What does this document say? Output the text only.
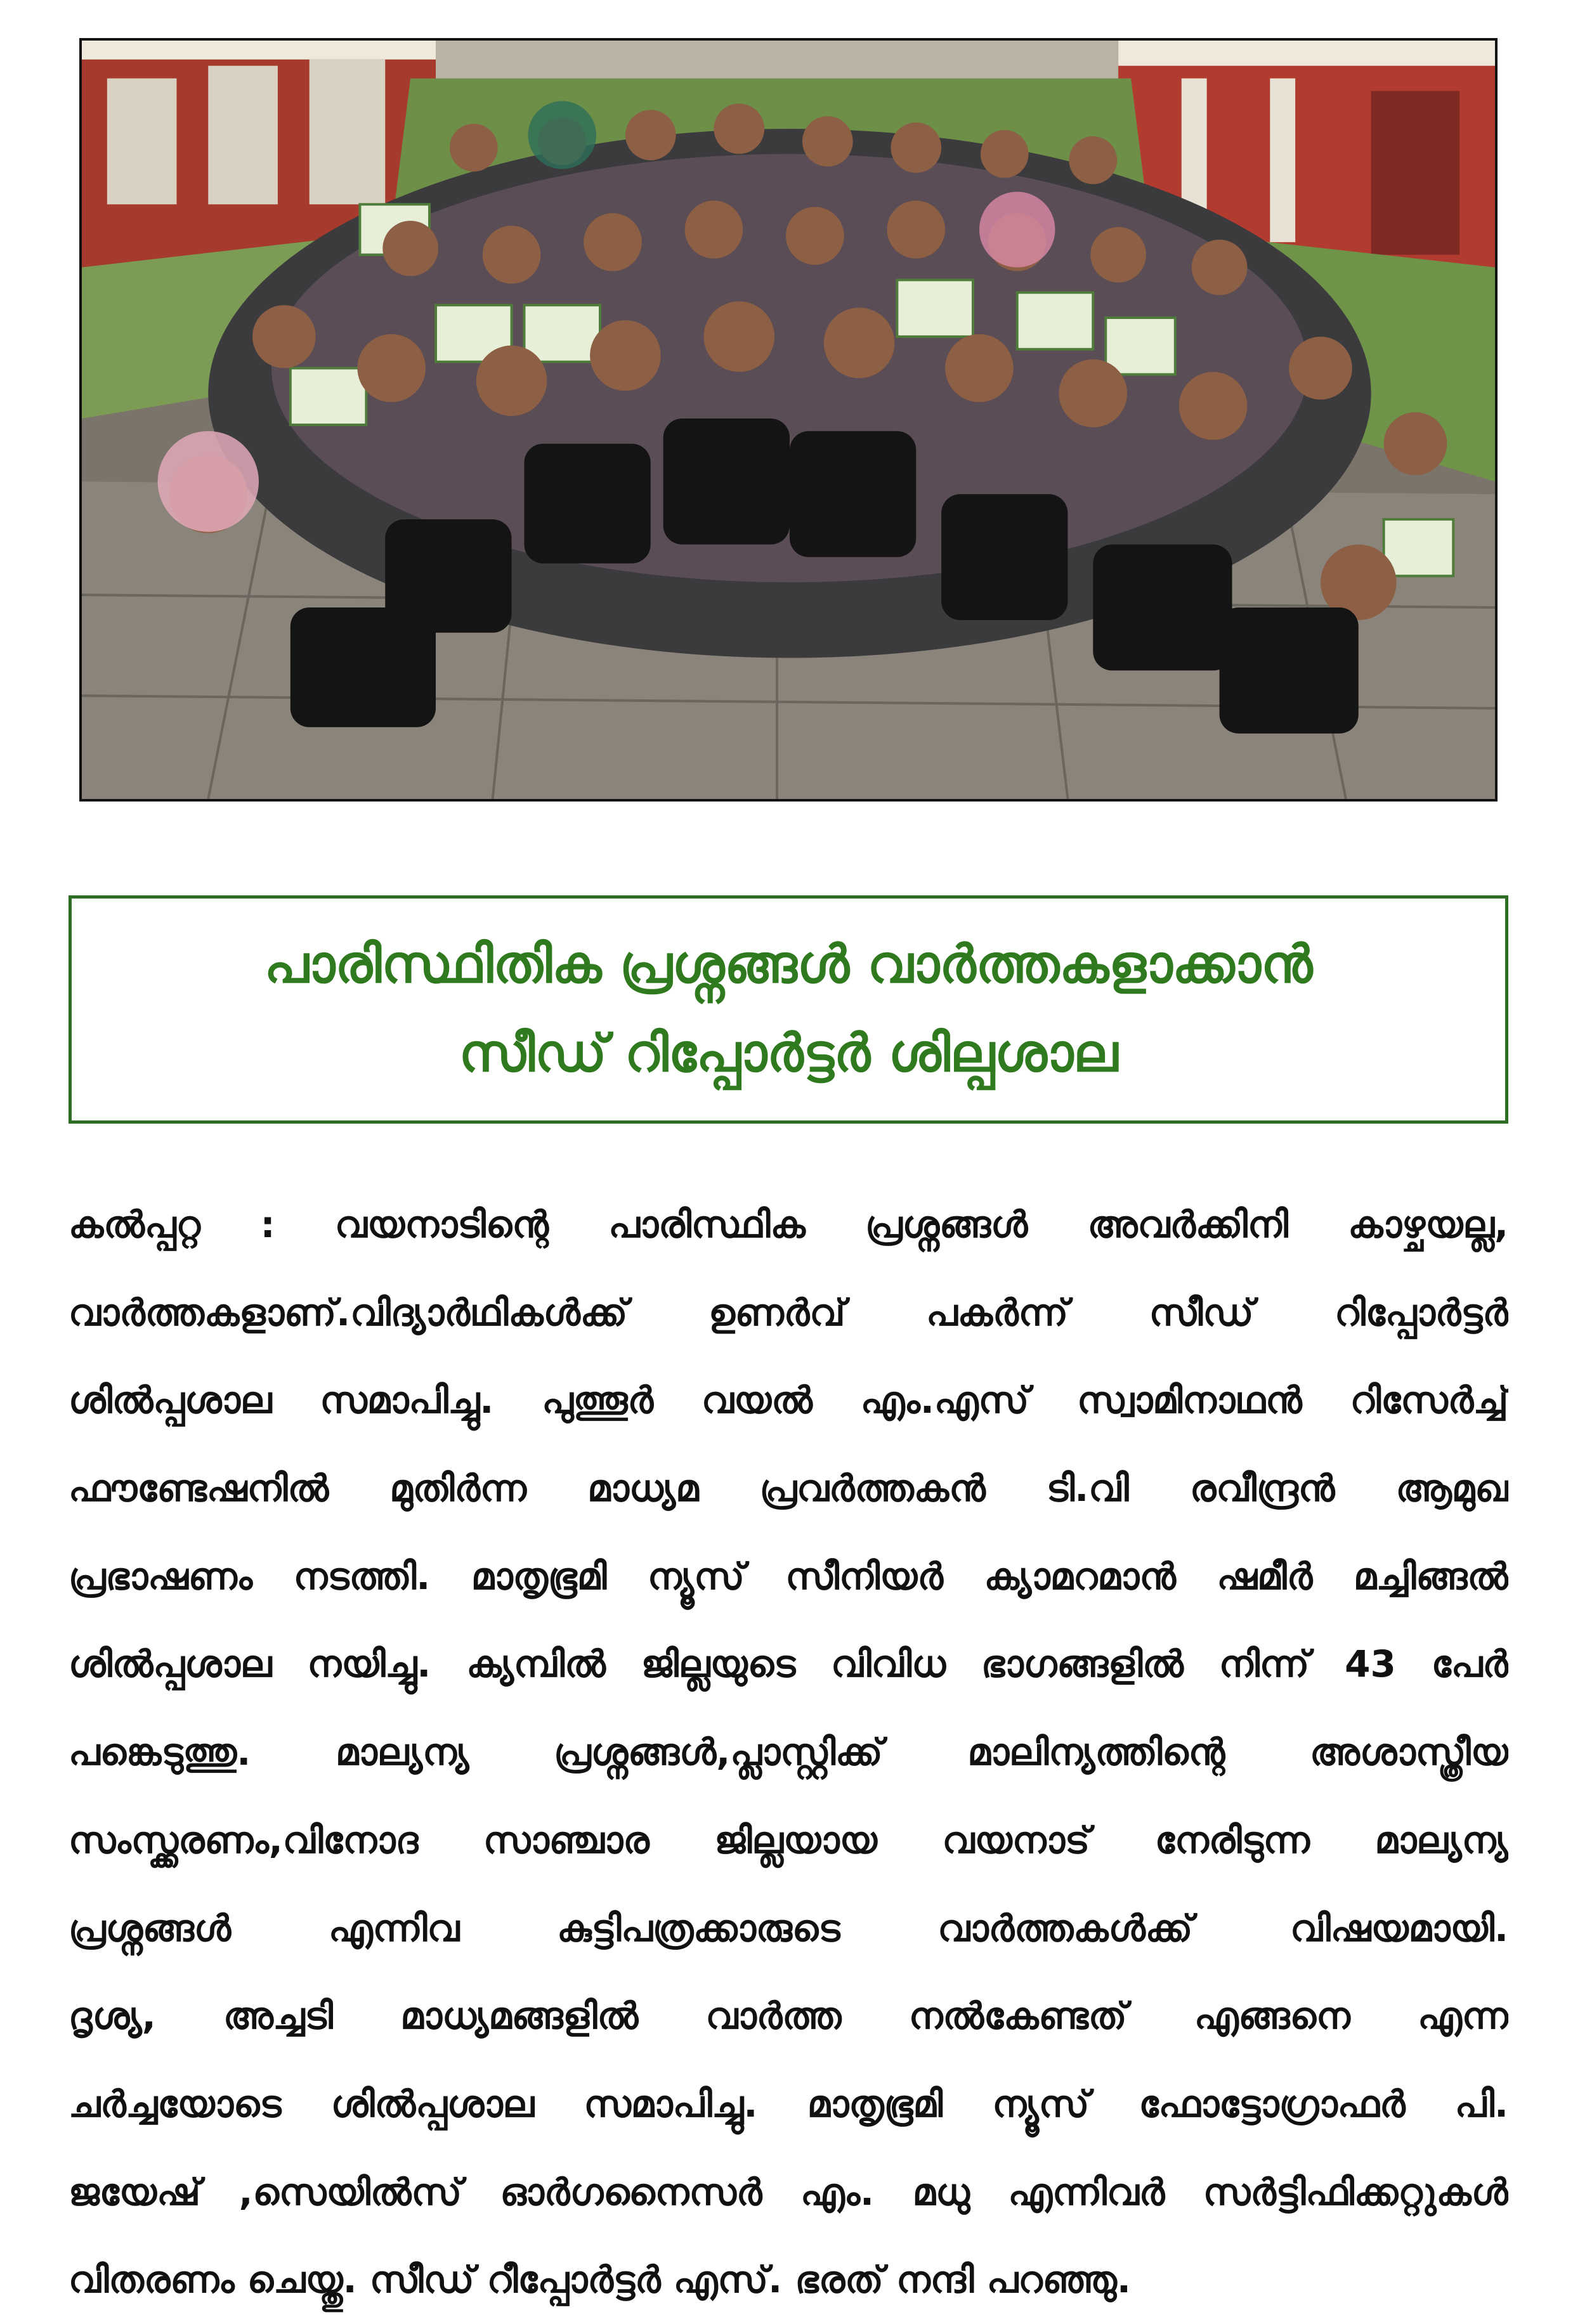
പാരിസ്ഥിതിക പ്രശ്നങ്ങൾ വാർത്തകളാക്കാൻ
സീഡ് റിപ്പോർട്ടർ ശില്പശാല
കൽപ്പറ്റ : വയനാടിന്റെ പാരിസ്ഥിക പ്രശ്നങ്ങൾ അവർക്കിനി കാഴ്ചയല്ല,
വാർത്തകളാണ്.വിദ്യാർഥികൾക്ക് ഉണർവ് പകർന്ന് സീഡ് റിപ്പോർട്ടർ
ശിൽപ്പശാല സമാപിച്ചു. പുത്തൂർ വയൽ എം.എസ് സ്വാമിനാഥൻ റിസേർച്ച്
ഫൗണ്ടേഷനിൽ മുതിർന്ന മാധ്യമ പ്രവർത്തകൻ ടി.വി രവീന്ദ്രൻ ആമുഖ
പ്രഭാഷണം നടത്തി. മാതൃഭൂമി ന്യൂസ് സീനിയർ ക്യാമറമാൻ ഷമീർ മച്ചിങ്ങൽ
ശിൽപ്പശാല നയിച്ചു. ക്യമ്പിൽ ജില്ലയുടെ വിവിധ ഭാഗങ്ങളിൽ നിന്ന് 43 പേർ
പങ്കെടുത്തു. മാല്യന്യ പ്രശ്നങ്ങൾ,പ്ലാസ്റ്റിക്ക് മാലിന്യത്തിന്റെ അശാസ്ത്രീയ
സംസ്ക്കരണം,വിനോദ സാഞ്ചാര ജില്ലയായ വയനാട് നേരിടുന്ന മാല്യന്യ
പ്രശ്നങ്ങൾ എന്നിവ കുട്ടിപത്രക്കാരുടെ വാർത്തകൾക്ക് വിഷയമായി.
ദൃശ്യ, അച്ചടി മാധ്യമങ്ങളിൽ വാർത്ത നൽകേണ്ടത് എങ്ങനെ എന്ന
ചർച്ചയോടെ ശിൽപ്പശാല സമാപിച്ചു. മാതൃഭൂമി ന്യൂസ് ഫോട്ടോഗ്രാഫർ പി.
ജയേഷ് ,സെയിൽസ് ഓർഗനൈസർ എം. മധു എന്നിവർ സർട്ടിഫിക്കറ്റുകൾ
വിതരണം ചെയ്തു. സീഡ് റീപ്പോർട്ടർ എസ്. ഭരത് നന്ദി പറഞ്ഞു.
